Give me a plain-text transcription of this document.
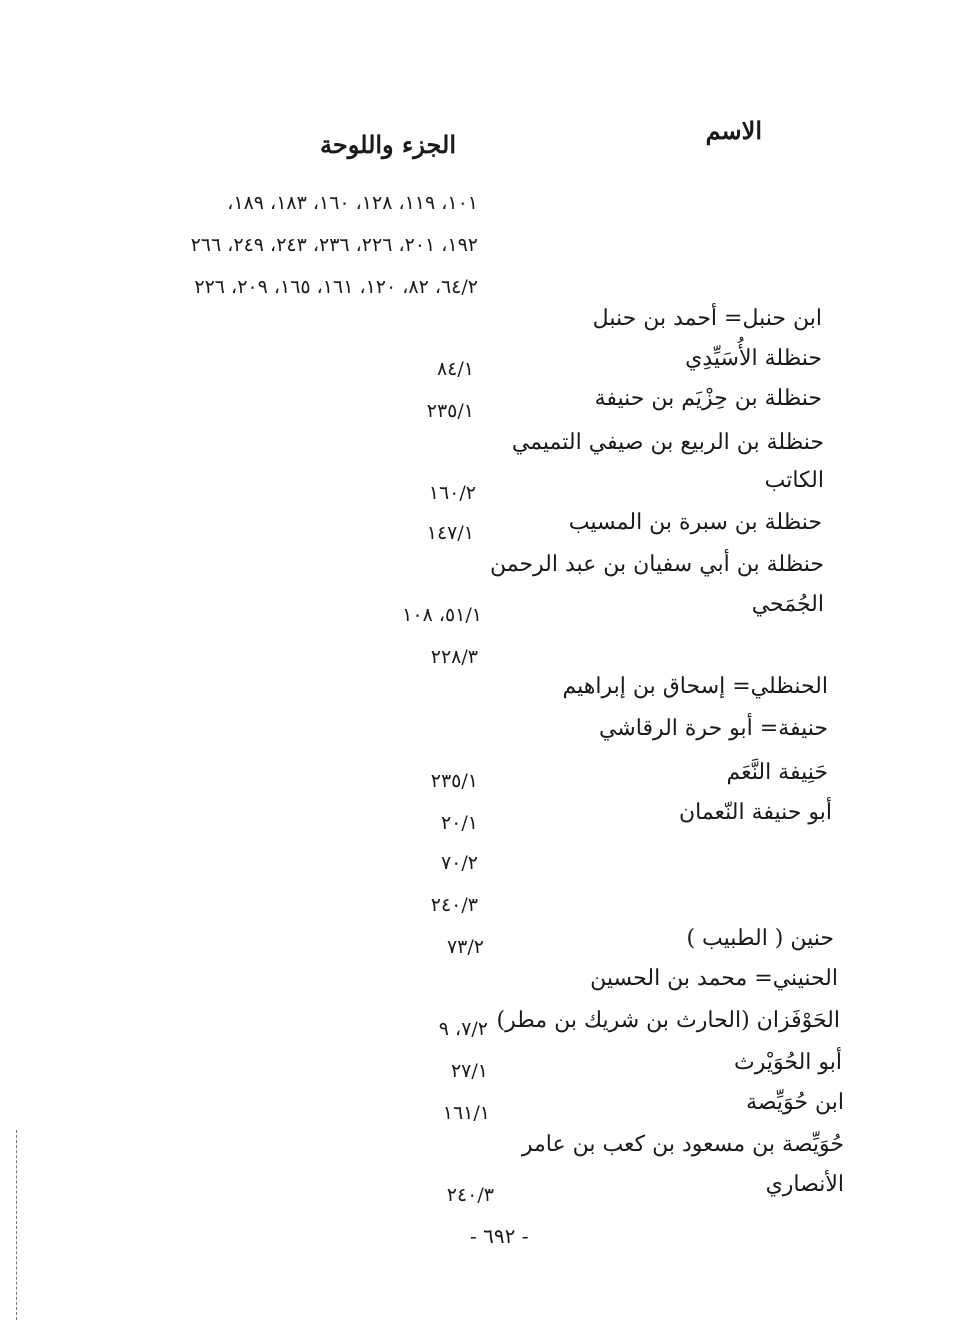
الاسم
الجزء واللوحة
١٠١، ١١٩، ١٢٨، ١٦٠، ١٨٣، ١٨٩،
١٩٢، ٢٠١، ٢٢٦، ٢٣٦، ٢٤٣، ٢٤٩، ٢٦٦
٦٤/٢، ٨٢، ١٢٠، ١٦١، ١٦٥، ٢٠٩، ٢٢٦
ابن حنبل= أحمد بن حنبل
حنظلة الأُسَيِّدِي
٨٤/١
حنظلة بن حِزْيَم بن حنيفة
٢٣٥/١
حنظلة بن الربيع بن صيفي التميمي
الكاتب
١٦٠/٢
حنظلة بن سبرة بن المسيب
١٤٧/١
حنظلة بن أبي سفيان بن عبد الرحمن
الجُمَحي
٥١/١، ١٠٨
٢٢٨/٣
الحنظلي= إسحاق بن إبراهيم
حنيفة= أبو حرة الرقاشي
حَنِيفة النَّعَم
٢٣٥/١
أبو حنيفة النّعمان
٢٠/١
٧٠/٢
٢٤٠/٣
حنين ( الطبيب )
٧٣/٢
الحنيني= محمد بن الحسين
الحَوْفَزان (الحارث بن شريك بن مطر)
٧/٢، ٩
أبو الحُوَيْرث
٢٧/١
ابن حُوَيِّصة
١٦١/١
حُوَيِّصة بن مسعود بن كعب بن عامر
الأنصاري
٢٤٠/٣
- ٦٩٢ -
